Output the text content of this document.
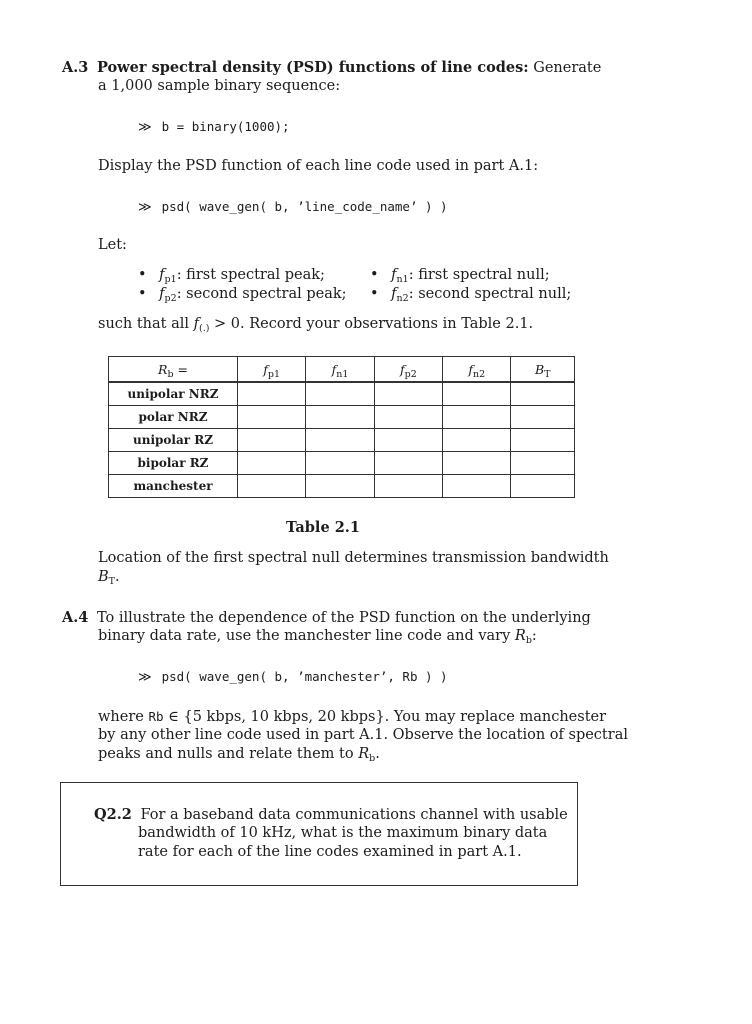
A.3 Power spectral density (PSD) functions of line codes: Generate
a 1,000 sample binary sequence:
≫ b = binary(1000);
Display the PSD function of each line code used in part A.1:
≫ psd( wave_gen( b, ’line_code_name’ ) )
Let:
• $f_{p1}$: first spectral peak;	• $f_{n1}$: first spectral null;
• $f_{p2}$: second spectral peak;	• $f_{n2}$: second spectral null;
such that all $f_{(.)} > 0$. Record your observations in Table 2.1.
$R_b$ =	$f_{p1}$	$f_{n1}$	$f_{p2}$	$f_{n2}$	$B_T$
unipolar NRZ					
polar NRZ					
unipolar RZ					
bipolar RZ					
manchester					
Table 2.1
Location of the first spectral null determines transmission bandwidth
$B_T$.
A.4 To illustrate the dependence of the PSD function on the underlying
binary data rate, use the manchester line code and vary $R_b$:
≫ psd( wave_gen( b, ’manchester’, Rb ) )
where Rb ∈ {5 kbps, 10 kbps, 20 kbps}. You may replace manchester
by any other line code used in part A.1. Observe the location of spectral
peaks and nulls and relate them to $R_b$.
Q2.2 For a baseband data communications channel with usable
bandwidth of 10 kHz, what is the maximum binary data
rate for each of the line codes examined in part A.1.
